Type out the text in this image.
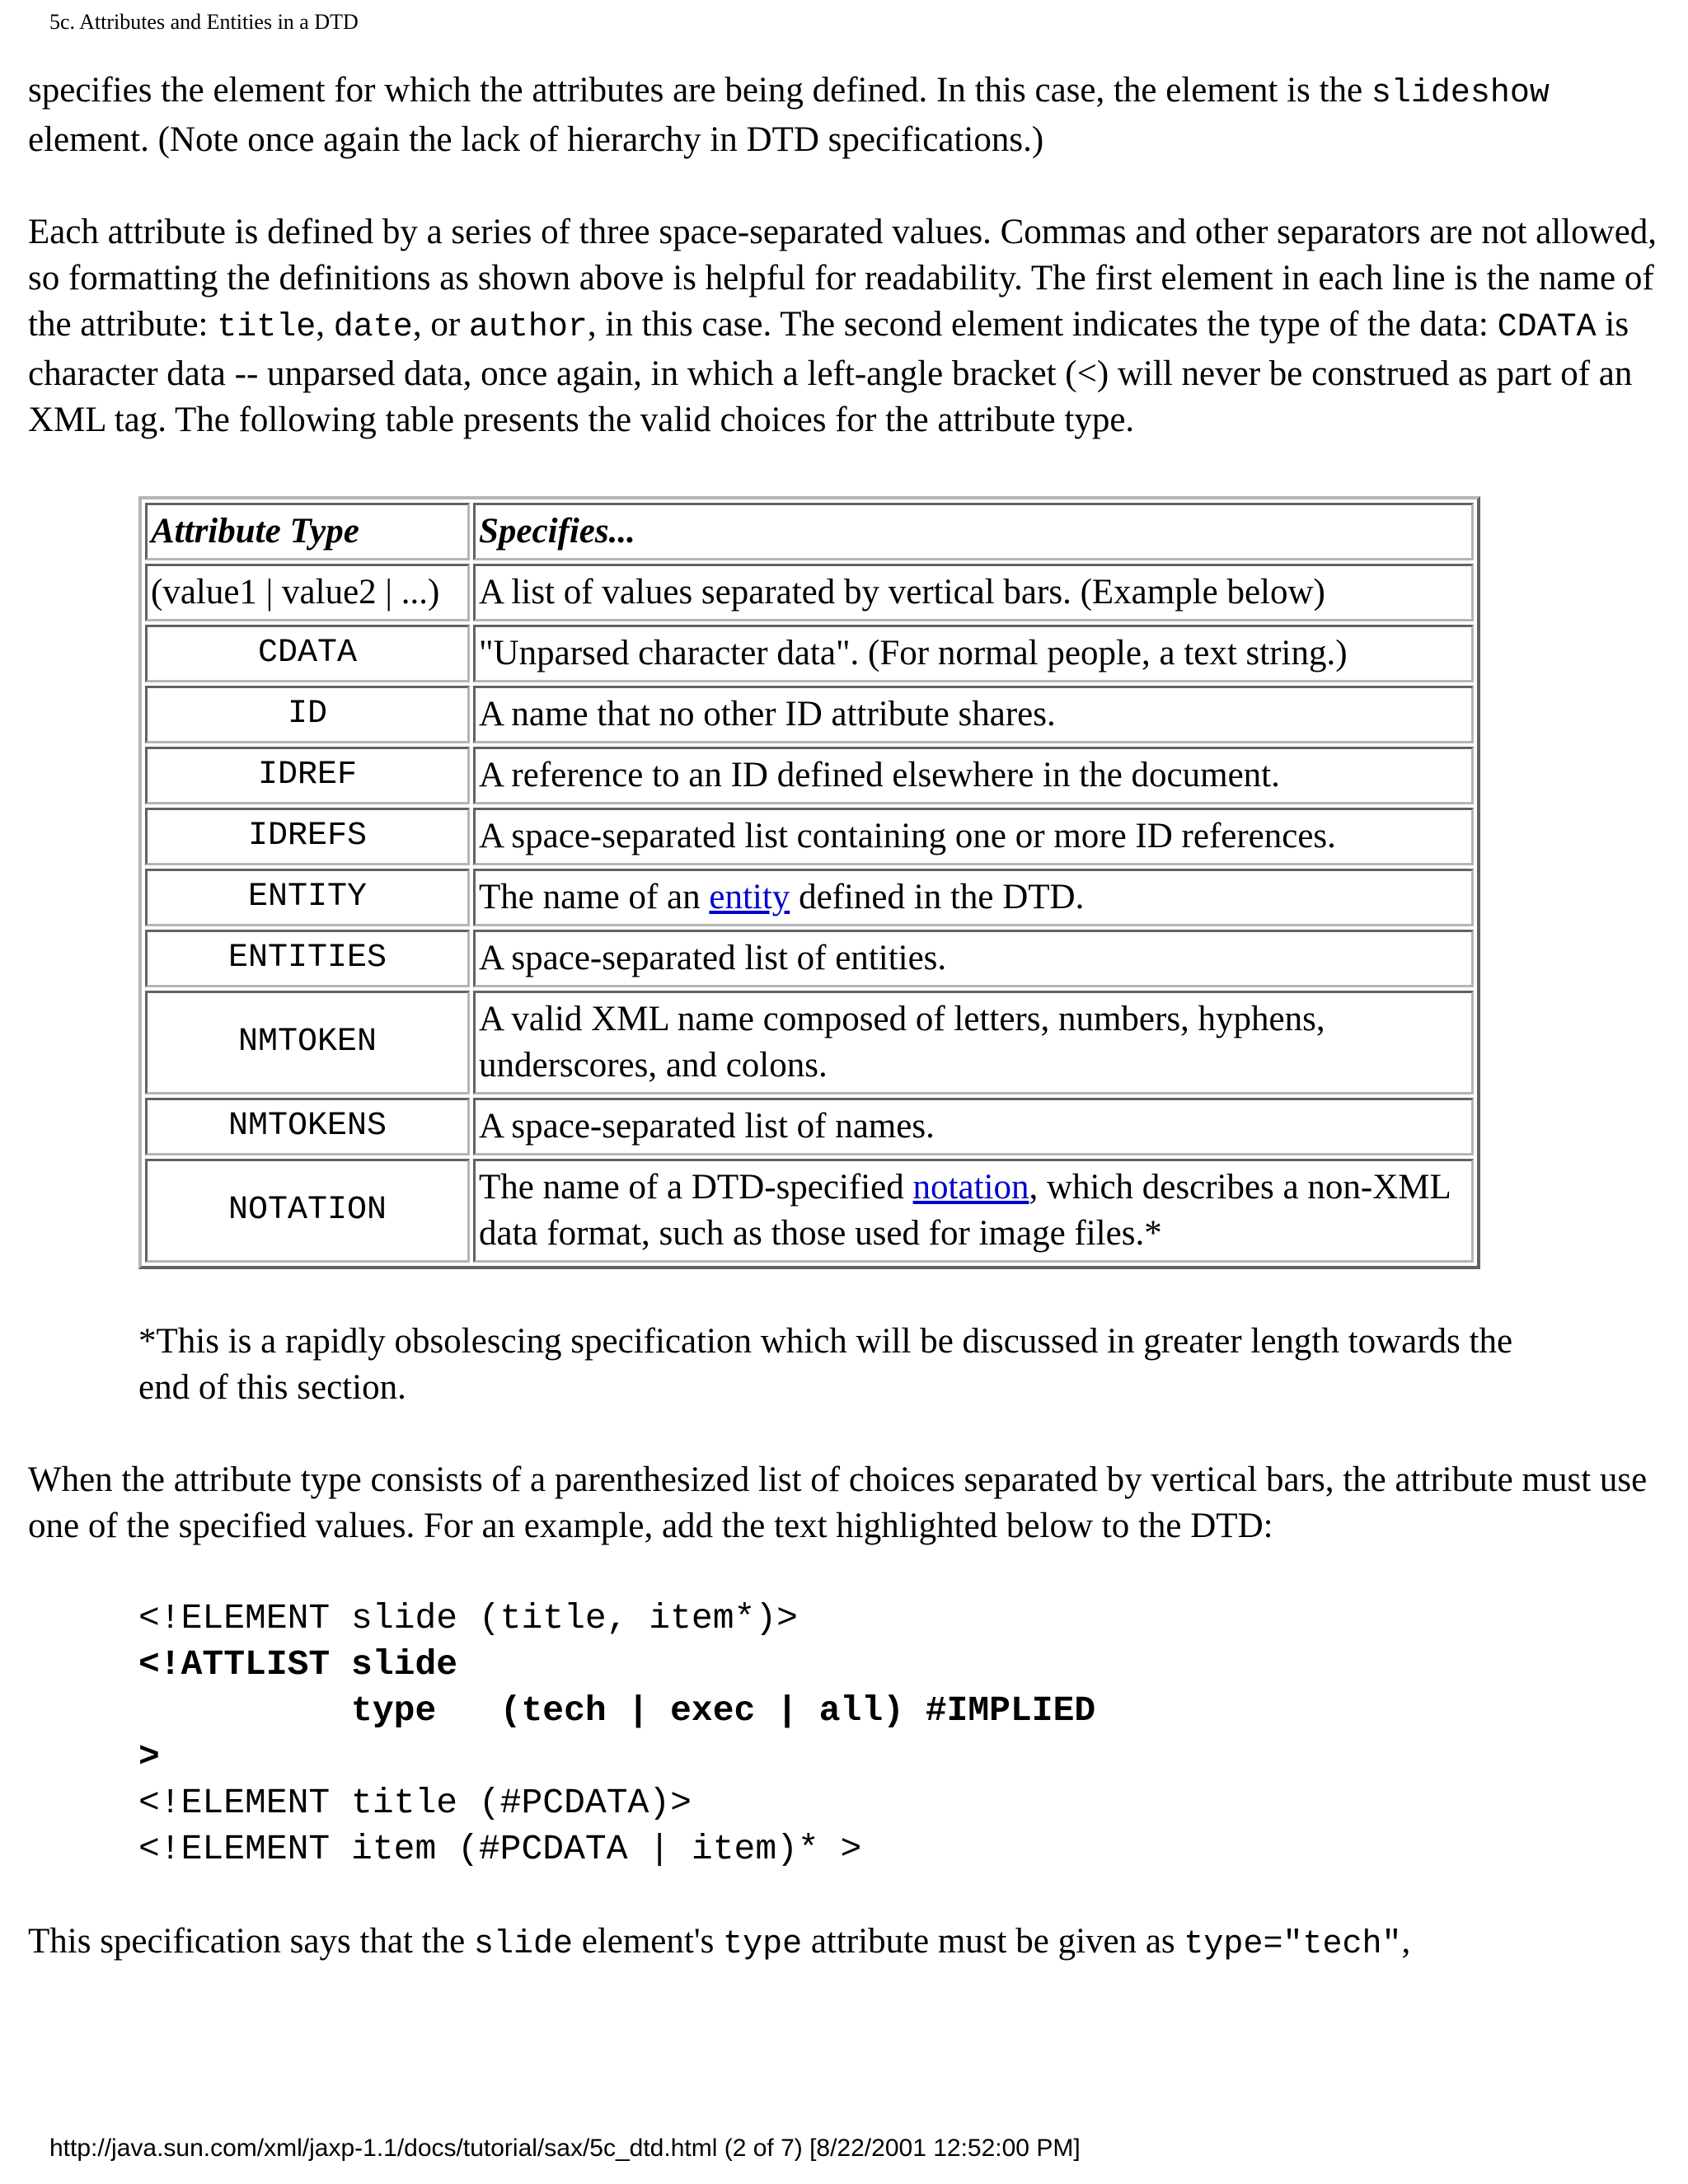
5c. Attributes and Entities in a DTD

specifies the element for which the attributes are being defined. In this case, the element is the slideshow element. (Note once again the lack of hierarchy in DTD specifications.)

Each attribute is defined by a series of three space-separated values. Commas and other separators are not allowed, so formatting the definitions as shown above is helpful for readability. The first element in each line is the name of the attribute: title, date, or author, in this case. The second element indicates the type of the data: CDATA is character data -- unparsed data, once again, in which a left-angle bracket (<) will never be construed as part of an XML tag. The following table presents the valid choices for the attribute type.

Attribute Type	Specifies...
(value1 | value2 | ...)	A list of values separated by vertical bars. (Example below)
CDATA	"Unparsed character data". (For normal people, a text string.)
ID	A name that no other ID attribute shares.
IDREF	A reference to an ID defined elsewhere in the document.
IDREFS	A space-separated list containing one or more ID references.
ENTITY	The name of an entity defined in the DTD.
ENTITIES	A space-separated list of entities.
NMTOKEN	A valid XML name composed of letters, numbers, hyphens, underscores, and colons.
NMTOKENS	A space-separated list of names.
NOTATION	The name of a DTD-specified notation, which describes a non-XML data format, such as those used for image files.*

*This is a rapidly obsolescing specification which will be discussed in greater length towards the end of this section.

When the attribute type consists of a parenthesized list of choices separated by vertical bars, the attribute must use one of the specified values. For an example, add the text highlighted below to the DTD:

<!ELEMENT slide (title, item*)>
<!ATTLIST slide
type   (tech | exec | all) #IMPLIED
>
<!ELEMENT title (#PCDATA)>
<!ELEMENT item (#PCDATA | item)* >

This specification says that the slide element's type attribute must be given as type="tech",

http://java.sun.com/xml/jaxp-1.1/docs/tutorial/sax/5c_dtd.html (2 of 7) [8/22/2001 12:52:00 PM]
